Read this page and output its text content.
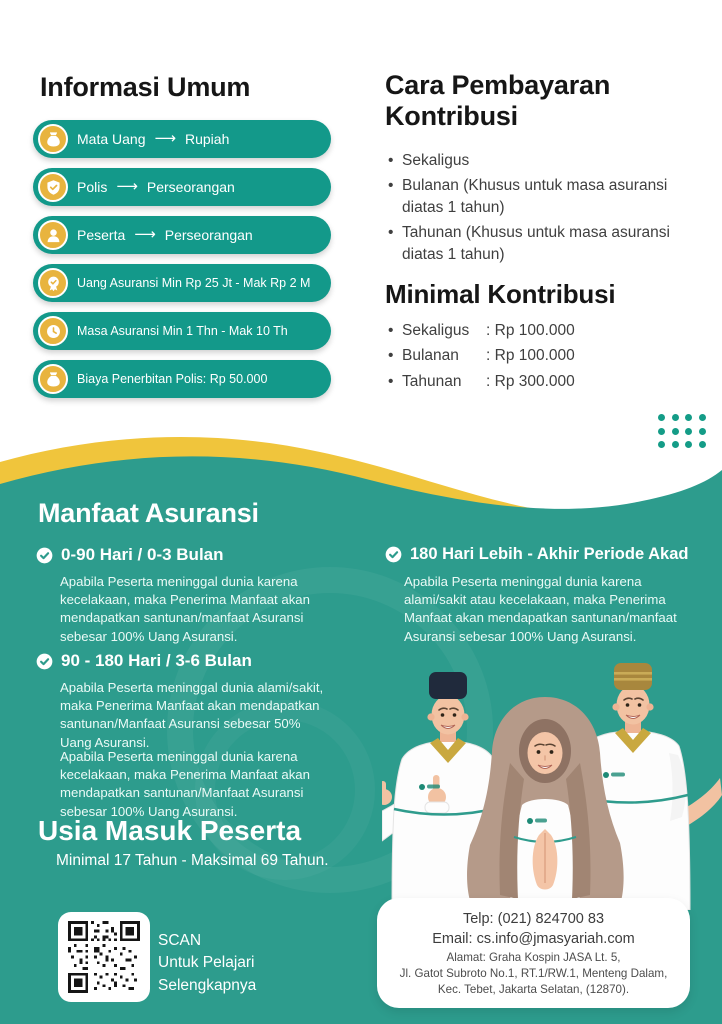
Informasi Umum
Mata Uang ⟶ Rupiah
Polis ⟶ Perseorangan
Peserta ⟶ Perseorangan
Uang Asuransi Min Rp 25 Jt - Mak Rp 2 M
Masa Asuransi Min 1 Thn - Mak 10 Th
Biaya Penerbitan Polis: Rp 50.000
Cara Pembayaran Kontribusi
• Sekaligus
• Bulanan (Khusus untuk masa asuransi diatas 1 tahun)
• Tahunan (Khusus untuk masa asuransi diatas 1 tahun)
Minimal Kontribusi
• Sekaligus : Rp 100.000
• Bulanan : Rp 100.000
• Tahunan : Rp 300.000
Manfaat Asuransi
0-90 Hari / 0-3 Bulan

Apabila Peserta meninggal dunia karena kecelakaan, maka Penerima Manfaat akan mendapatkan santunan/manfaat Asuransi sebesar 100% Uang Asuransi.

90 - 180 Hari / 3-6 Bulan

Apabila Peserta meninggal dunia alami/sakit, maka Penerima Manfaat akan mendapatkan santunan/Manfaat Asuransi sebesar 50% Uang Asuransi.

Apabila Peserta meninggal dunia karena kecelakaan, maka Penerima Manfaat akan mendapatkan santunan/Manfaat Asuransi sebesar 100% Uang Asuransi.

180 Hari Lebih - Akhir Periode Akad

Apabila Peserta meninggal dunia karena alami/sakit atau kecelakaan, maka Penerima Manfaat akan mendapatkan santunan/manfaat Asuransi sebesar 100% Uang Asuransi.

Usia Masuk Peserta
Minimal 17 Tahun - Maksimal 69 Tahun.
SCAN
Untuk Pelajari
Selengkapnya
Telp: (021) 824700 83
Email: cs.info@jmasyariah.com
Alamat: Graha Kospin JASA Lt. 5,
Jl. Gatot Subroto No.1, RT.1/RW.1, Menteng Dalam,
Kec. Tebet, Jakarta Selatan, (12870).
